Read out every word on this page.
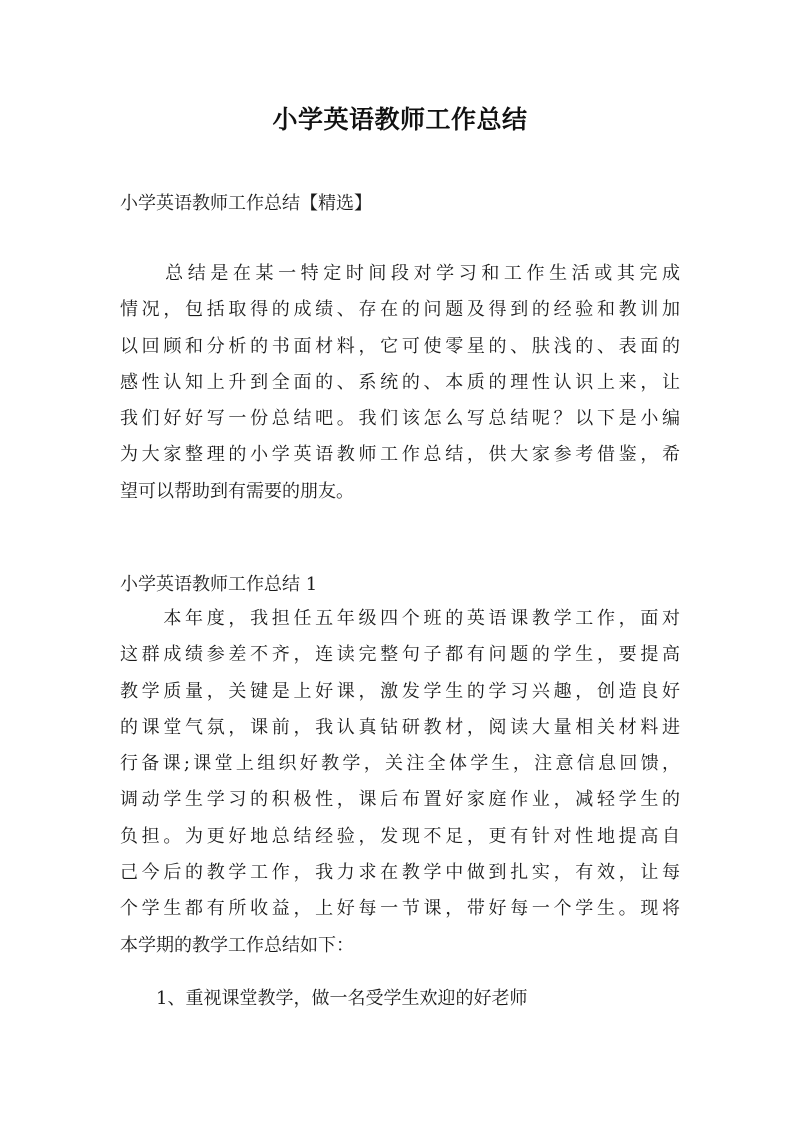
小学英语教师工作总结
小学英语教师工作总结【精选】
　　总结是在某一特定时间段对学习和工作生活或其完成
情况，包括取得的成绩、存在的问题及得到的经验和教训加
以回顾和分析的书面材料，它可使零星的、肤浅的、表面的
感性认知上升到全面的、系统的、本质的理性认识上来，让
我们好好写一份总结吧。我们该怎么写总结呢？以下是小编
为大家整理的小学英语教师工作总结，供大家参考借鉴，希
望可以帮助到有需要的朋友。
小学英语教师工作总结 1
　　本年度，我担任五年级四个班的英语课教学工作，面对
这群成绩参差不齐，连读完整句子都有问题的学生，要提高
教学质量，关键是上好课，激发学生的学习兴趣，创造良好
的课堂气氛，课前，我认真钻研教材，阅读大量相关材料进
行备课;课堂上组织好教学，关注全体学生，注意信息回馈，
调动学生学习的积极性，课后布置好家庭作业，减轻学生的
负担。为更好地总结经验，发现不足，更有针对性地提高自
己今后的教学工作，我力求在教学中做到扎实，有效，让每
个学生都有所收益，上好每一节课，带好每一个学生。现将
本学期的教学工作总结如下：
1、重视课堂教学，做一名受学生欢迎的好老师
